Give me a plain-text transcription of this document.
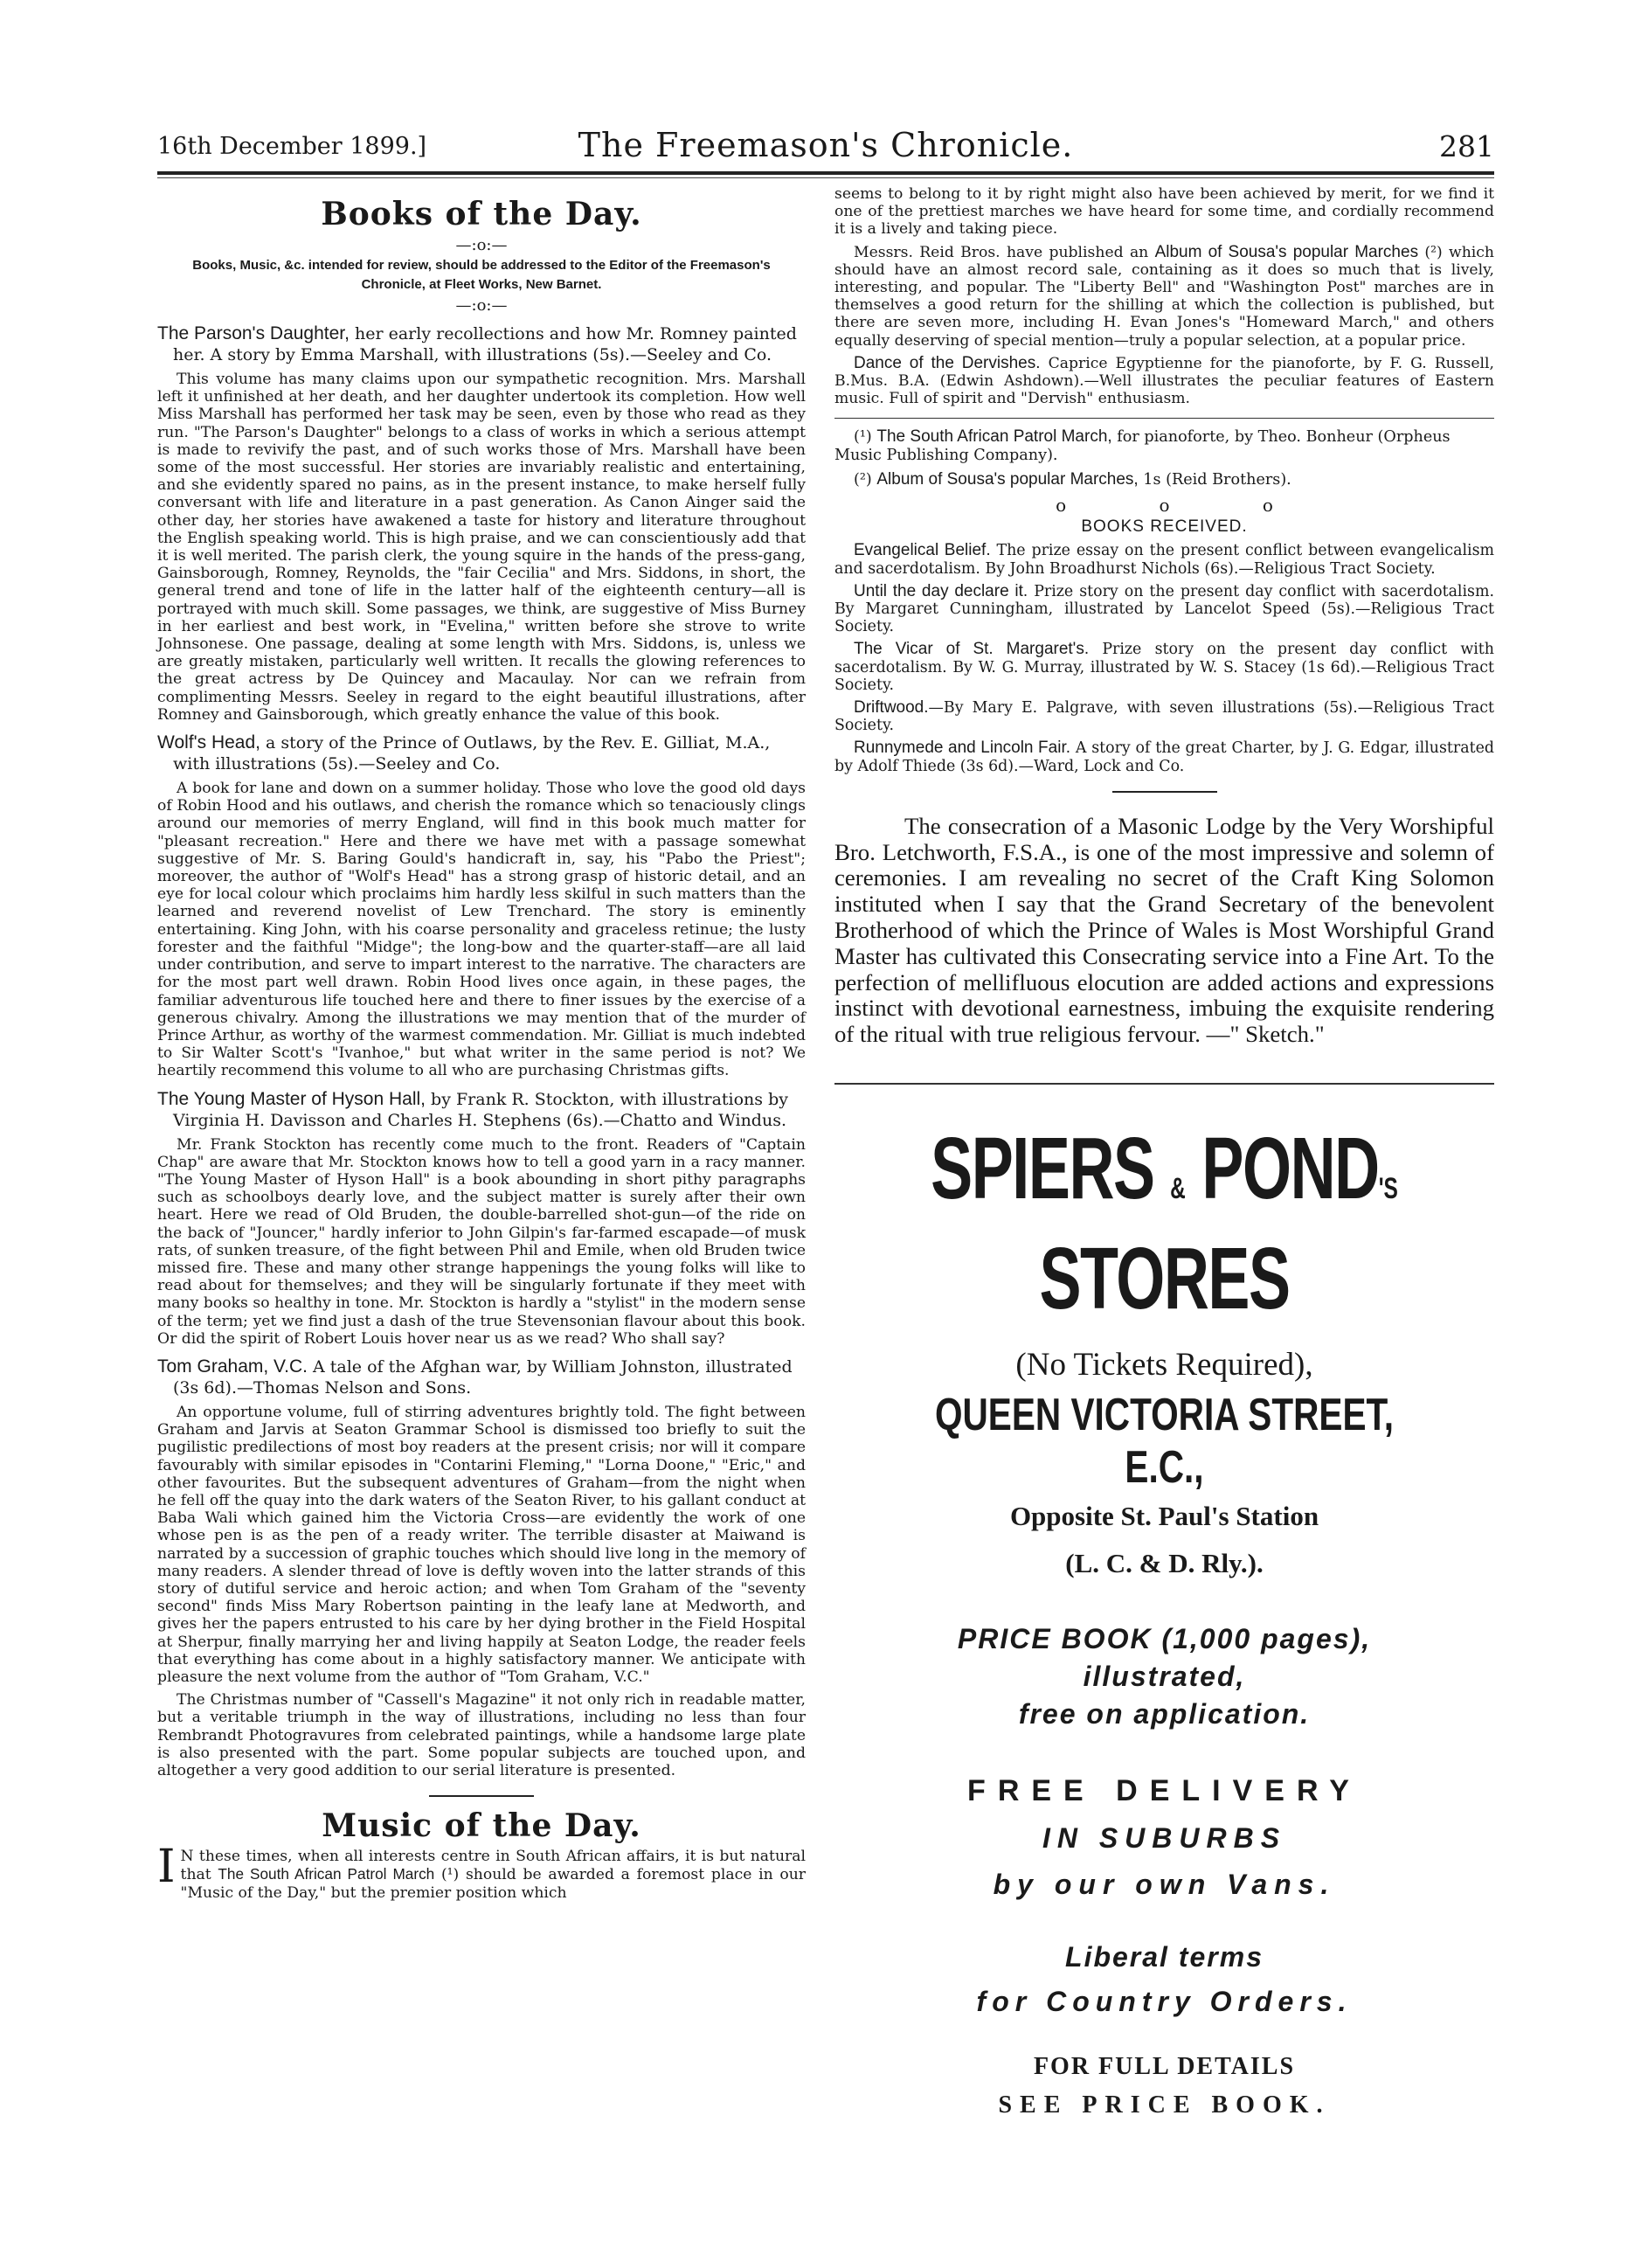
The Freemason's Chronicle.
16th December 1899.]	281
Books of the Day.
—:o:—
Books, Music, &c. intended for review, should be addressed to the Editor of the Freemason's Chronicle, at Fleet Works, New Barnet.
—:o:—

The Parson's Daughter, her early recollections and how Mr. Romney painted her. A story by Emma Marshall, with illustrations (5s).—Seeley and Co.

This volume has many claims upon our sympathetic recognition. Mrs. Marshall left it unfinished at her death, and her daughter undertook its completion. How well Miss Marshall has performed her task may be seen, even by those who read as they run. "The Parson's Daughter" belongs to a class of works in which a serious attempt is made to revivify the past, and of such works those of Mrs. Marshall have been some of the most successful. Her stories are invariably realistic and entertaining, and she evidently spared no pains, as in the present instance, to make herself fully conversant with life and literature in a past generation. As Canon Ainger said the other day, her stories have awakened a taste for history and literature throughout the English speaking world. This is high praise, and we can conscientiously add that it is well merited. The parish clerk, the young squire in the hands of the press-gang, Gainsborough, Romney, Reynolds, the "fair Cecilia" and Mrs. Siddons, in short, the general trend and tone of life in the latter half of the eighteenth century—all is portrayed with much skill. Some passages, we think, are suggestive of Miss Burney in her earliest and best work, in "Evelina," written before she strove to write Johnsonese. One passage, dealing at some length with Mrs. Siddons, is, unless we are greatly mistaken, particularly well written. It recalls the glowing references to the great actress by De Quincey and Macaulay. Nor can we refrain from complimenting Messrs. Seeley in regard to the eight beautiful illustrations, after Romney and Gainsborough, which greatly enhance the value of this book.

Wolf's Head, a story of the Prince of Outlaws, by the Rev. E. Gilliat, M.A., with illustrations (5s).—Seeley and Co.

A book for lane and down on a summer holiday. Those who love the good old days of Robin Hood and his outlaws, and cherish the romance which so tenaciously clings around our memories of merry England, will find in this book much matter for "pleasant recreation." Here and there we have met with a passage somewhat suggestive of Mr. S. Baring Gould's handicraft in, say, his "Pabo the Priest"; moreover, the author of "Wolf's Head" has a strong grasp of historic detail, and an eye for local colour which proclaims him hardly less skilful in such matters than the learned and reverend novelist of Lew Trenchard. The story is eminently entertaining. King John, with his coarse personality and graceless retinue; the lusty forester and the faithful "Midge"; the long-bow and the quarter-staff—are all laid under contribution, and serve to impart interest to the narrative. The characters are for the most part well drawn. Robin Hood lives once again, in these pages, the familiar adventurous life touched here and there to finer issues by the exercise of a generous chivalry. Among the illustrations we may mention that of the murder of Prince Arthur, as worthy of the warmest commendation. Mr. Gilliat is much indebted to Sir Walter Scott's "Ivanhoe," but what writer in the same period is not? We heartily recommend this volume to all who are purchasing Christmas gifts.

The Young Master of Hyson Hall, by Frank R. Stockton, with illustrations by Virginia H. Davisson and Charles H. Stephens (6s).—Chatto and Windus.

Mr. Frank Stockton has recently come much to the front. Readers of "Captain Chap" are aware that Mr. Stockton knows how to tell a good yarn in a racy manner. "The Young Master of Hyson Hall" is a book abounding in short pithy paragraphs such as schoolboys dearly love, and the subject matter is surely after their own heart. Here we read of Old Bruden, the double-barrelled shot-gun—of the ride on the back of "Jouncer," hardly inferior to John Gilpin's far-farmed escapade—of musk rats, of sunken treasure, of the fight between Phil and Emile, when old Bruden twice missed fire. These and many other strange happenings the young folks will like to read about for themselves; and they will be singularly fortunate if they meet with many books so healthy in tone. Mr. Stockton is hardly a "stylist" in the modern sense of the term; yet we find just a dash of the true Stevensonian flavour about this book. Or did the spirit of Robert Louis hover near us as we read? Who shall say?

Tom Graham, V.C. A tale of the Afghan war, by William Johnston, illustrated (3s 6d).—Thomas Nelson and Sons.

An opportune volume, full of stirring adventures brightly told. The fight between Graham and Jarvis at Seaton Grammar School is dismissed too briefly to suit the pugilistic predilections of most boy readers at the present crisis; nor will it compare favourably with similar episodes in "Contarini Fleming," "Lorna Doone," "Eric," and other favourites. But the subsequent adventures of Graham—from the night when he fell off the quay into the dark waters of the Seaton River, to his gallant conduct at Baba Wali which gained him the Victoria Cross—are evidently the work of one whose pen is as the pen of a ready writer. The terrible disaster at Maiwand is narrated by a succession of graphic touches which should live long in the memory of many readers. A slender thread of love is deftly woven into the latter strands of this story of dutiful service and heroic action; and when Tom Graham of the "seventy second" finds Miss Mary Robertson painting in the leafy lane at Medworth, and gives her the papers entrusted to his care by her dying brother in the Field Hospital at Sherpur, finally marrying her and living happily at Seaton Lodge, the reader feels that everything has come about in a highly satisfactory manner. We anticipate with pleasure the next volume from the author of "Tom Graham, V.C."

The Christmas number of "Cassell's Magazine" it not only rich in readable matter, but a veritable triumph in the way of illustrations, including no less than four Rembrandt Photogravures from celebrated paintings, while a handsome large plate is also presented with the part. Some popular subjects are touched upon, and altogether a very good addition to our serial literature is presented.

Music of the Day.

I N these times, when all interests centre in South African affairs, it is but natural that The South African Patrol March (¹) should be awarded a foremost place in our "Music of the Day," but the premier position which

seems to belong to it by right might also have been achieved by merit, for we find it one of the prettiest marches we have heard for some time, and cordially recommend it is a lively and taking piece.

Messrs. Reid Bros. have published an Album of Sousa's popular Marches (²) which should have an almost record sale, containing as it does so much that is lively, interesting, and popular. The "Liberty Bell" and "Washington Post" marches are in themselves a good return for the shilling at which the collection is published, but there are seven more, including H. Evan Jones's "Homeward March," and others equally deserving of special mention—truly a popular selection, at a popular price.

Dance of the Dervishes. Caprice Egyptienne for the pianoforte, by F. G. Russell, B.Mus. B.A. (Edwin Ashdown).—Well illustrates the peculiar features of Eastern music. Full of spirit and "Dervish" enthusiasm.

(¹) The South African Patrol March, for pianoforte, by Theo. Bonheur (Orpheus Music Publishing Company).

(²) Album of Sousa's popular Marches, 1s (Reid Brothers).

o o o
BOOKS RECEIVED.

Evangelical Belief. The prize essay on the present conflict between evangelicalism and sacerdotalism. By John Broadhurst Nichols (6s).—Religious Tract Society.

Until the day declare it. Prize story on the present day conflict with sacerdotalism. By Margaret Cunningham, illustrated by Lancelot Speed (5s).—Religious Tract Society.

The Vicar of St. Margaret's. Prize story on the present day conflict with sacerdotalism. By W. G. Murray, illustrated by W. S. Stacey (1s 6d).—Religious Tract Society.

Driftwood.—By Mary E. Palgrave, with seven illustrations (5s).—Religious Tract Society.

Runnymede and Lincoln Fair. A story of the great Charter, by J. G. Edgar, illustrated by Adolf Thiede (3s 6d).—Ward, Lock and Co.

The consecration of a Masonic Lodge by the Very Worshipful Bro. Letchworth, F.S.A., is one of the most impressive and solemn of ceremonies. I am revealing no secret of the Craft King Solomon instituted when I say that the Grand Secretary of the benevolent Brotherhood of which the Prince of Wales is Most Worshipful Grand Master has cultivated this Consecrating service into a Fine Art. To the perfection of mellifluous elocution are added actions and expressions instinct with devotional earnestness, imbuing the exquisite rendering of the ritual with true religious fervour. —" Sketch."

SPIERS & POND'S
STORES
(No Tickets Required),
QUEEN VICTORIA STREET, E.C.,
Opposite St. Paul's Station
(L. C. & D. Rly.).
PRICE BOOK (1,000 pages),
illustrated,
free on application.
FREE DELIVERY
IN SUBURBS
by our own Vans.
Liberal terms
for Country Orders.
FOR FULL DETAILS
SEE PRICE BOOK.
